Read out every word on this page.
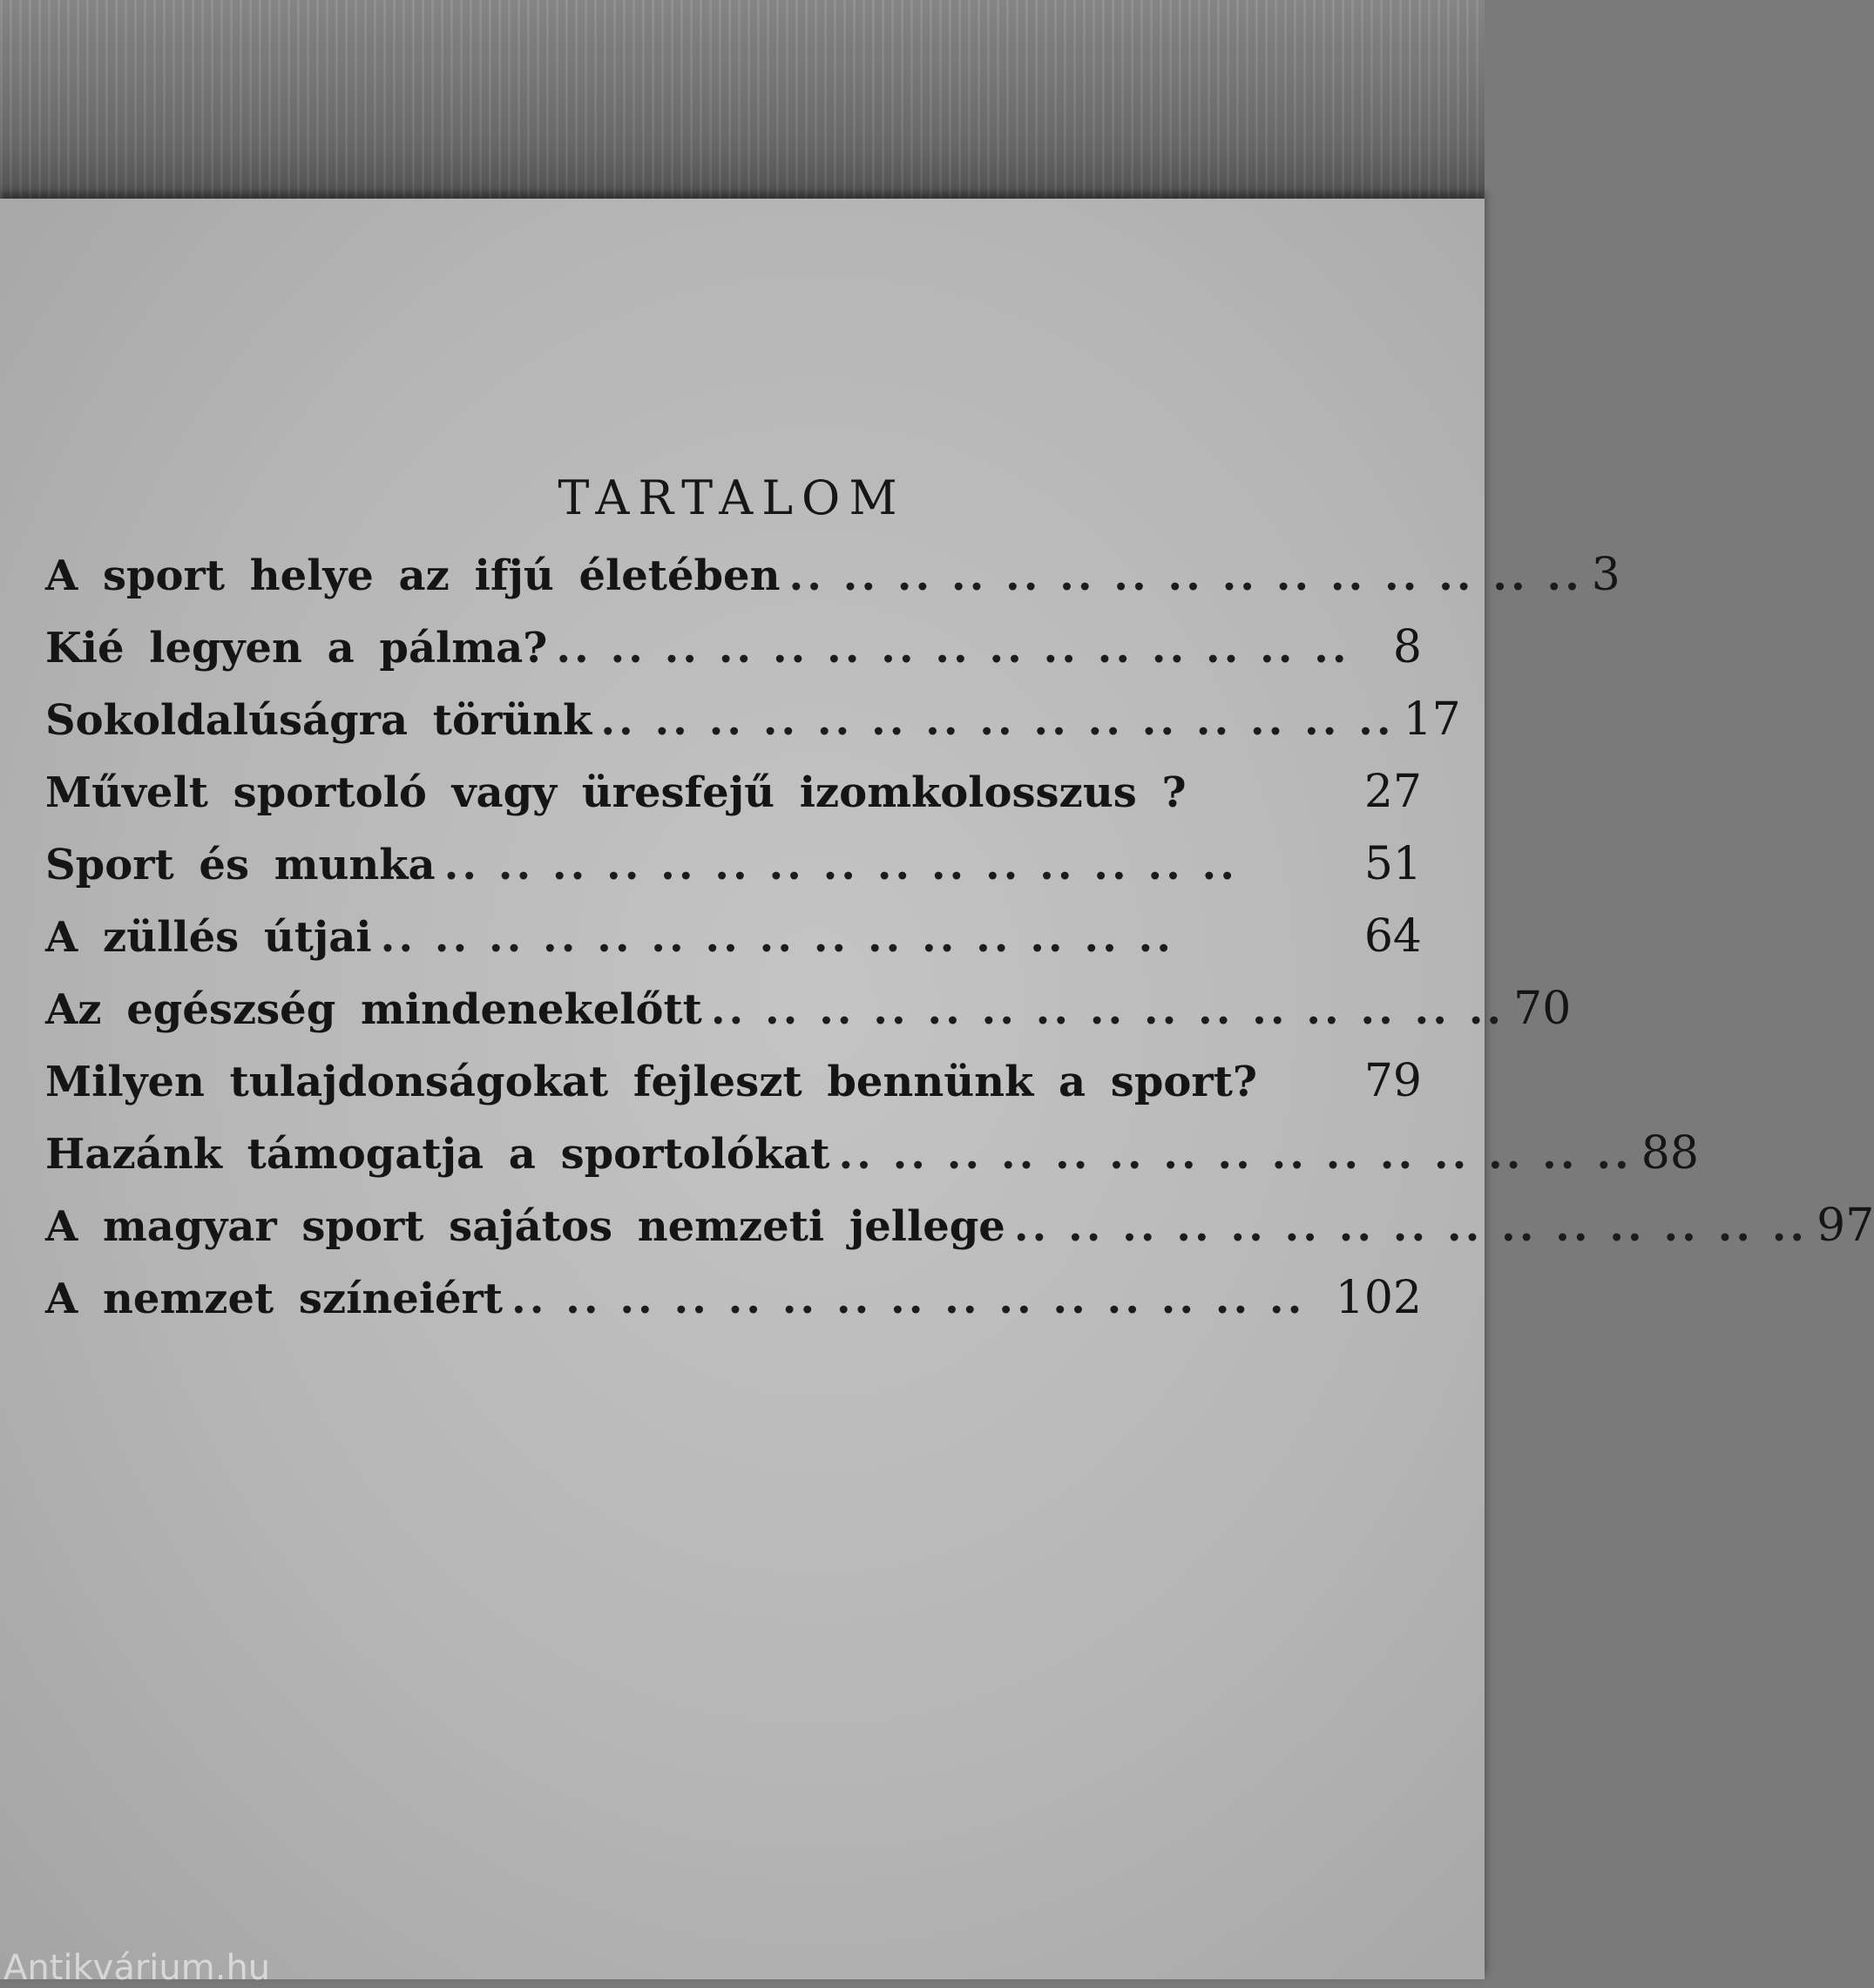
TARTALOM
A sport helye az ifjú életében .. .. .. .. .. .. .. .. .. .. .. .. .. .. .. 3
Kié legyen a pálma? .. .. .. .. .. .. .. .. .. .. .. .. .. .. .. 8
Sokoldalúságra törünk .. .. .. .. .. .. .. .. .. .. .. .. .. .. .. 17
Művelt sportoló vagy üresfejű izomkolosszus ?	27
Sport és munka .. .. .. .. .. .. .. .. .. .. .. .. .. .. ..	51
A züllés útjai .. .. .. .. .. .. .. .. .. .. .. .. .. .. ..	64
Az egészség mindenekelőtt .. .. .. .. .. .. .. .. .. .. .. .. .. .. .. 70
Milyen tulajdonságokat fejleszt bennünk a sport?	79
Hazánk támogatja a sportolókat .. .. .. .. .. .. .. .. .. .. .. .. .. .. .. 88
A magyar sport sajátos nemzeti jellege .. .. .. .. .. .. .. .. .. .. .. .. .. .. .. 97
A nemzet színeiért .. .. .. .. .. .. .. .. .. .. .. .. .. .. .. 102
Antikvárium.hu
